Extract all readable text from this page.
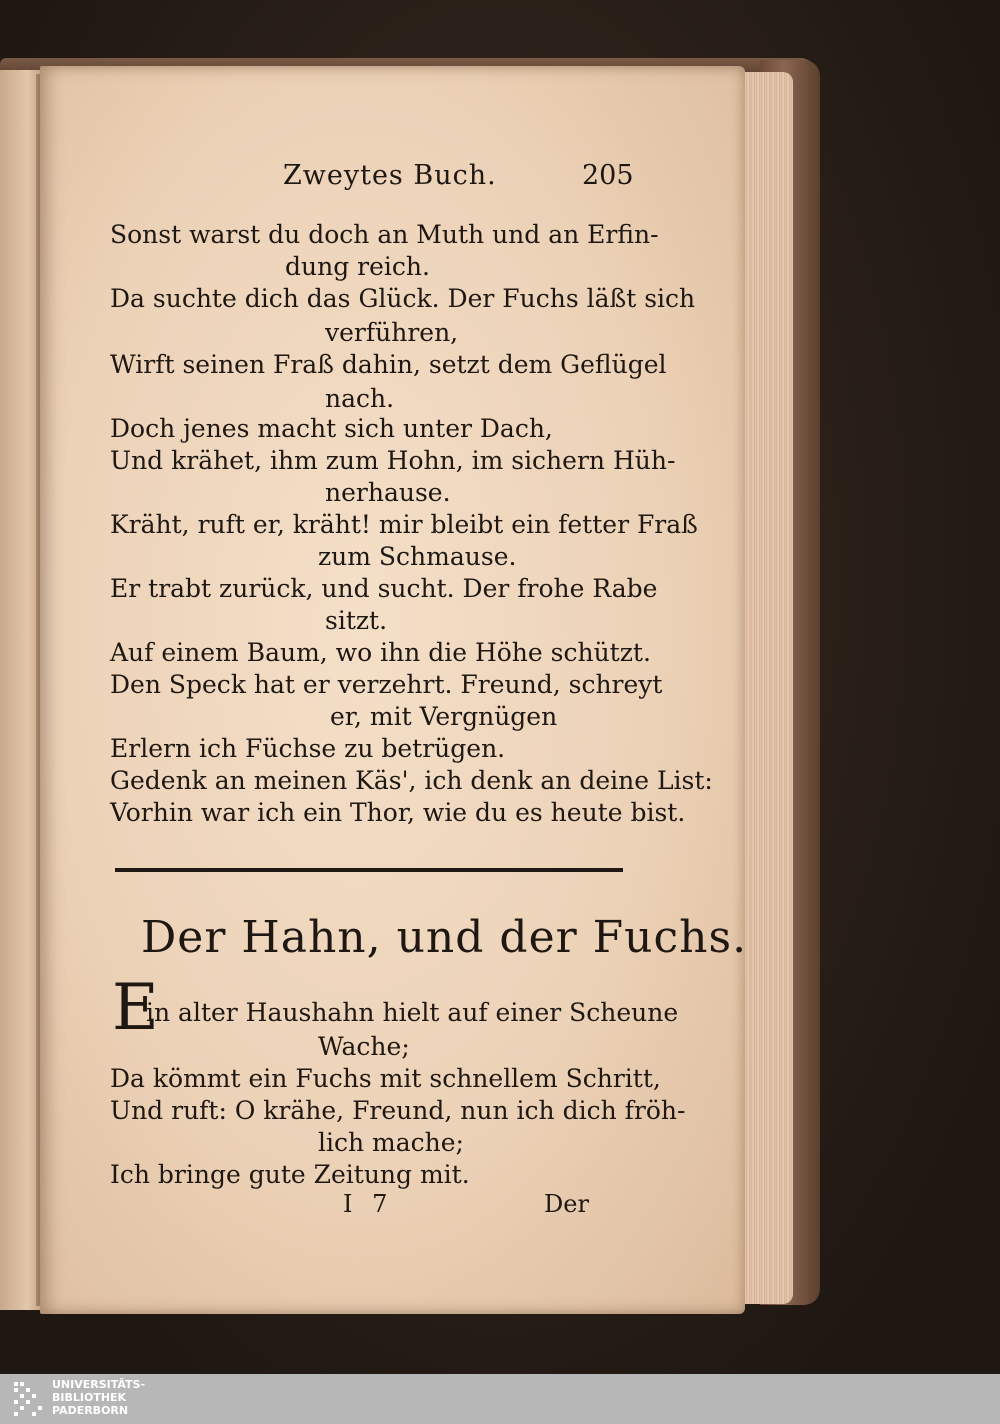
Zweytes Buch.	205
Sonst warst du doch an Muth und an Erfin-
dung reich.
Da suchte dich das Glück. Der Fuchs läßt sich
verführen,
Wirft seinen Fraß dahin, setzt dem Geflügel
nach.
Doch jenes macht sich unter Dach,
Und krähet, ihm zum Hohn, im sichern Hüh-
nerhause.
Kräht, ruft er, kräht! mir bleibt ein fetter Fraß
zum Schmause.
Er trabt zurück, und sucht. Der frohe Rabe
sitzt.
Auf einem Baum, wo ihn die Höhe schützt.
Den Speck hat er verzehrt. Freund, schreyt
er, mit Vergnügen
Erlern ich Füchse zu betrügen.
Gedenk an meinen Käs', ich denk an deine List:
Vorhin war ich ein Thor, wie du es heute bist.
Der Hahn, und der Fuchs.
E
in alter Haushahn hielt auf einer Scheune
Wache;
Da kömmt ein Fuchs mit schnellem Schritt,
Und ruft: O krähe, Freund, nun ich dich fröh-
lich mache;
Ich bringe gute Zeitung mit.
I 7	Der
UNIVERSITÄTS-
BIBLIOTHEK
PADERBORN
